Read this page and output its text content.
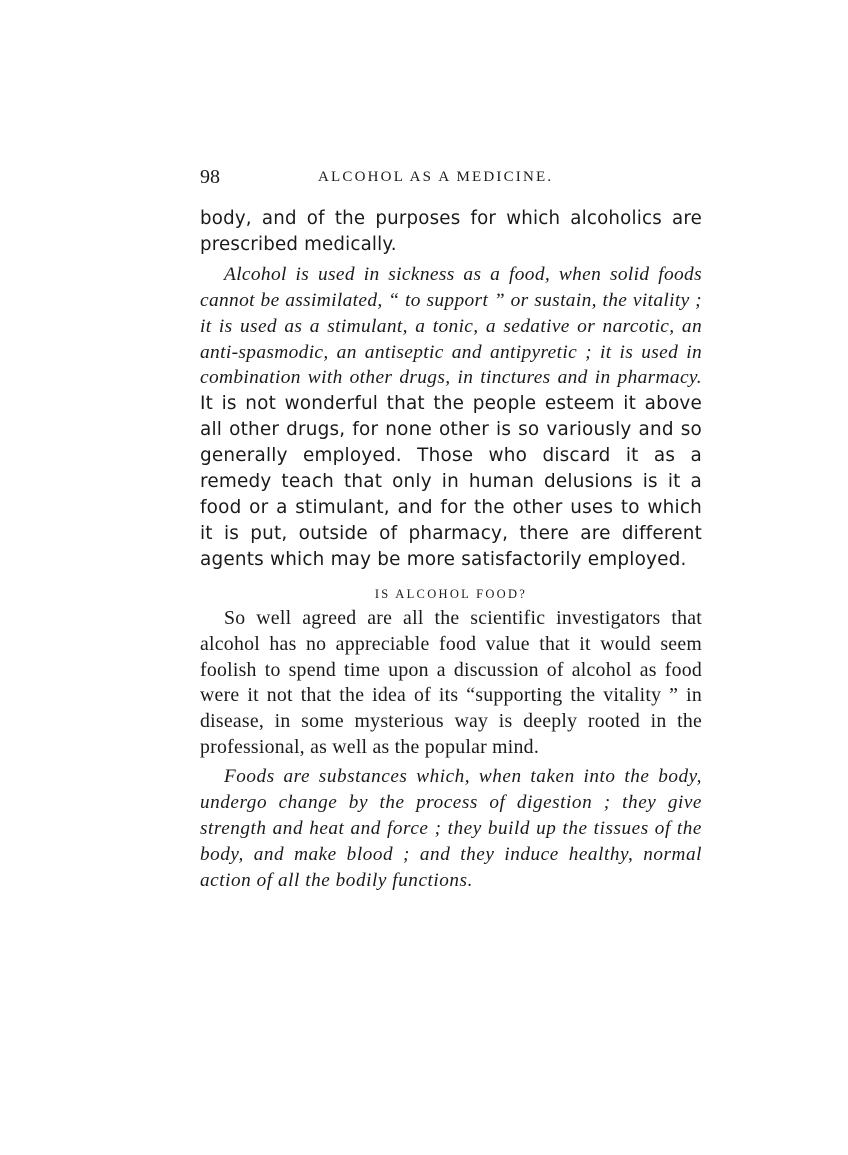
98	ALCOHOL AS A MEDICINE.

body, and of the purposes for which alcoholics are prescribed medically.

Alcohol is used in sickness as a food, when solid foods cannot be assimilated, “ to support ” or sustain, the vitality ; it is used as a stimulant, a tonic, a sedative or narcotic, an anti-spasmodic, an antiseptic and antipyretic ; it is used in combination with other drugs, in tinctures and in pharmacy. It is not wonderful that the people esteem it above all other drugs, for none other is so variously and so generally employed. Those who discard it as a remedy teach that only in human delusions is it a food or a stimulant, and for the other uses to which it is put, outside of pharmacy, there are different agents which may be more satisfactorily employed.

IS ALCOHOL FOOD?

So well agreed are all the scientific investigators that alcohol has no appreciable food value that it would seem foolish to spend time upon a discussion of alcohol as food were it not that the idea of its “supporting the vitality ” in disease, in some mysterious way is deeply rooted in the professional, as well as the popular mind.

Foods are substances which, when taken into the body, undergo change by the process of digestion ; they give strength and heat and force ; they build up the tissues of the body, and make blood ; and they induce healthy, normal action of all the bodily functions.
